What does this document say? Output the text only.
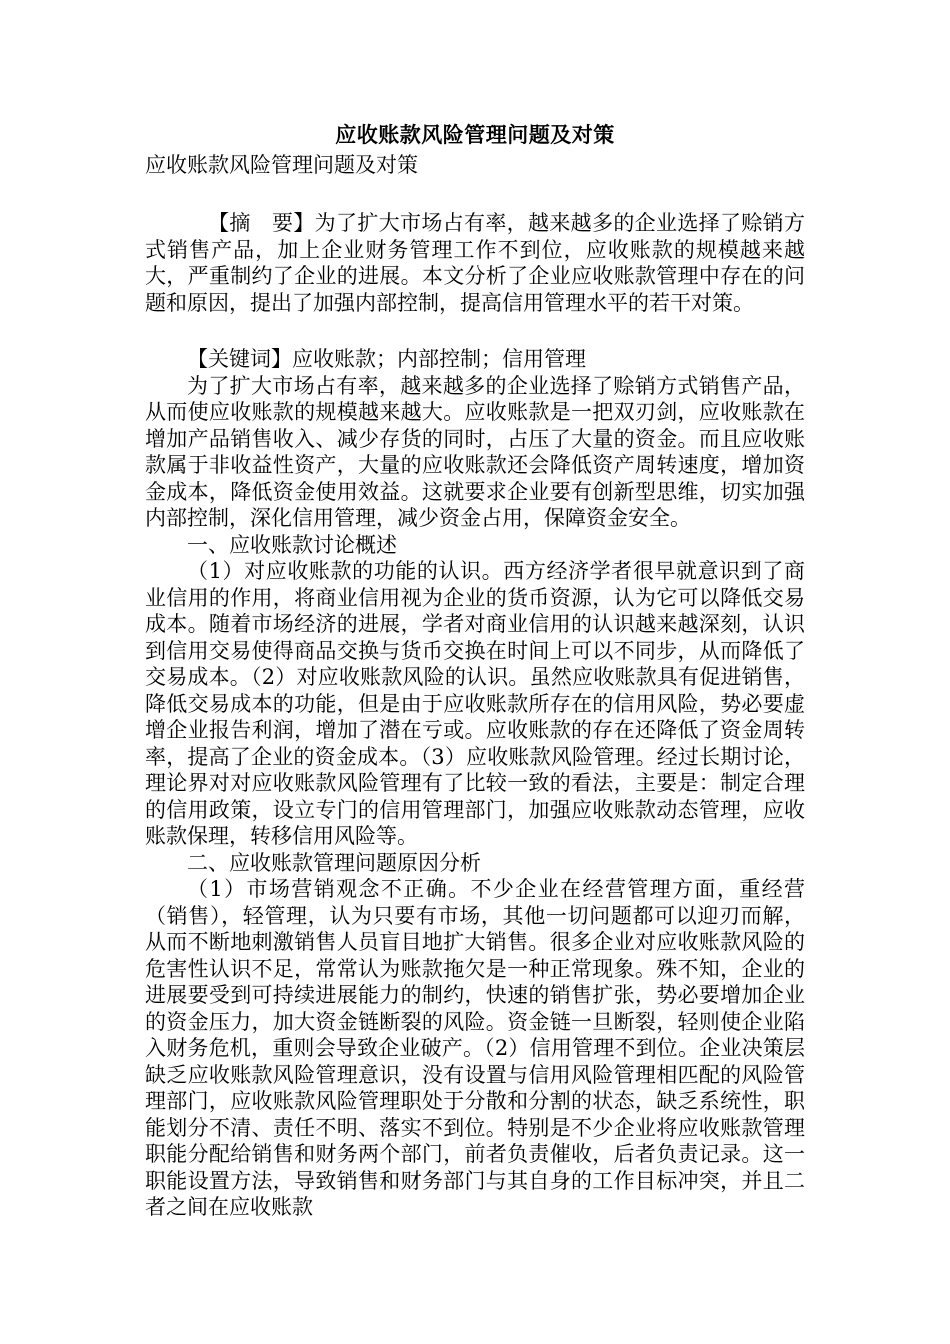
应收账款风险管理问题及对策

应收账款风险管理问题及对策

【摘　要】为了扩大市场占有率，越来越多的企业选择了赊销方式销售产品，加上企业财务管理工作不到位，应收账款的规模越来越大，严重制约了企业的进展。本文分析了企业应收账款管理中存在的问题和原因，提出了加强内部控制，提高信用管理水平的若干对策。

【关键词】应收账款；内部控制；信用管理

为了扩大市场占有率，越来越多的企业选择了赊销方式销售产品，从而使应收账款的规模越来越大。应收账款是一把双刃剑，应收账款在增加产品销售收入、减少存货的同时，占压了大量的资金。而且应收账款属于非收益性资产，大量的应收账款还会降低资产周转速度，增加资金成本，降低资金使用效益。这就要求企业要有创新型思维，切实加强内部控制，深化信用管理，减少资金占用，保障资金安全。

一、应收账款讨论概述

（1）对应收账款的功能的认识。西方经济学者很早就意识到了商业信用的作用，将商业信用视为企业的货币资源，认为它可以降低交易成本。随着市场经济的进展，学者对商业信用的认识越来越深刻，认识到信用交易使得商品交换与货币交换在时间上可以不同步，从而降低了交易成本。（2）对应收账款风险的认识。虽然应收账款具有促进销售，降低交易成本的功能，但是由于应收账款所存在的信用风险，势必要虚增企业报告利润，增加了潜在亏或。应收账款的存在还降低了资金周转率，提高了企业的资金成本。（3）应收账款风险管理。经过长期讨论，理论界对对应收账款风险管理有了比较一致的看法，主要是：制定合理的信用政策，设立专门的信用管理部门，加强应收账款动态管理，应收账款保理，转移信用风险等。

二、应收账款管理问题原因分析

（1）市场营销观念不正确。不少企业在经营管理方面，重经营（销售），轻管理，认为只要有市场，其他一切问题都可以迎刃而解，从而不断地刺激销售人员盲目地扩大销售。很多企业对应收账款风险的危害性认识不足，常常认为账款拖欠是一种正常现象。殊不知，企业的进展要受到可持续进展能力的制约，快速的销售扩张，势必要增加企业的资金压力，加大资金链断裂的风险。资金链一旦断裂，轻则使企业陷入财务危机，重则会导致企业破产。（2）信用管理不到位。企业决策层缺乏应收账款风险管理意识，没有设置与信用风险管理相匹配的风险管理部门，应收账款风险管理职处于分散和分割的状态，缺乏系统性，职能划分不清、责任不明、落实不到位。特别是不少企业将应收账款管理职能分配给销售和财务两个部门，前者负责催收，后者负责记录。这一职能设置方法，导致销售和财务部门与其自身的工作目标冲突，并且二者之间在应收账款
